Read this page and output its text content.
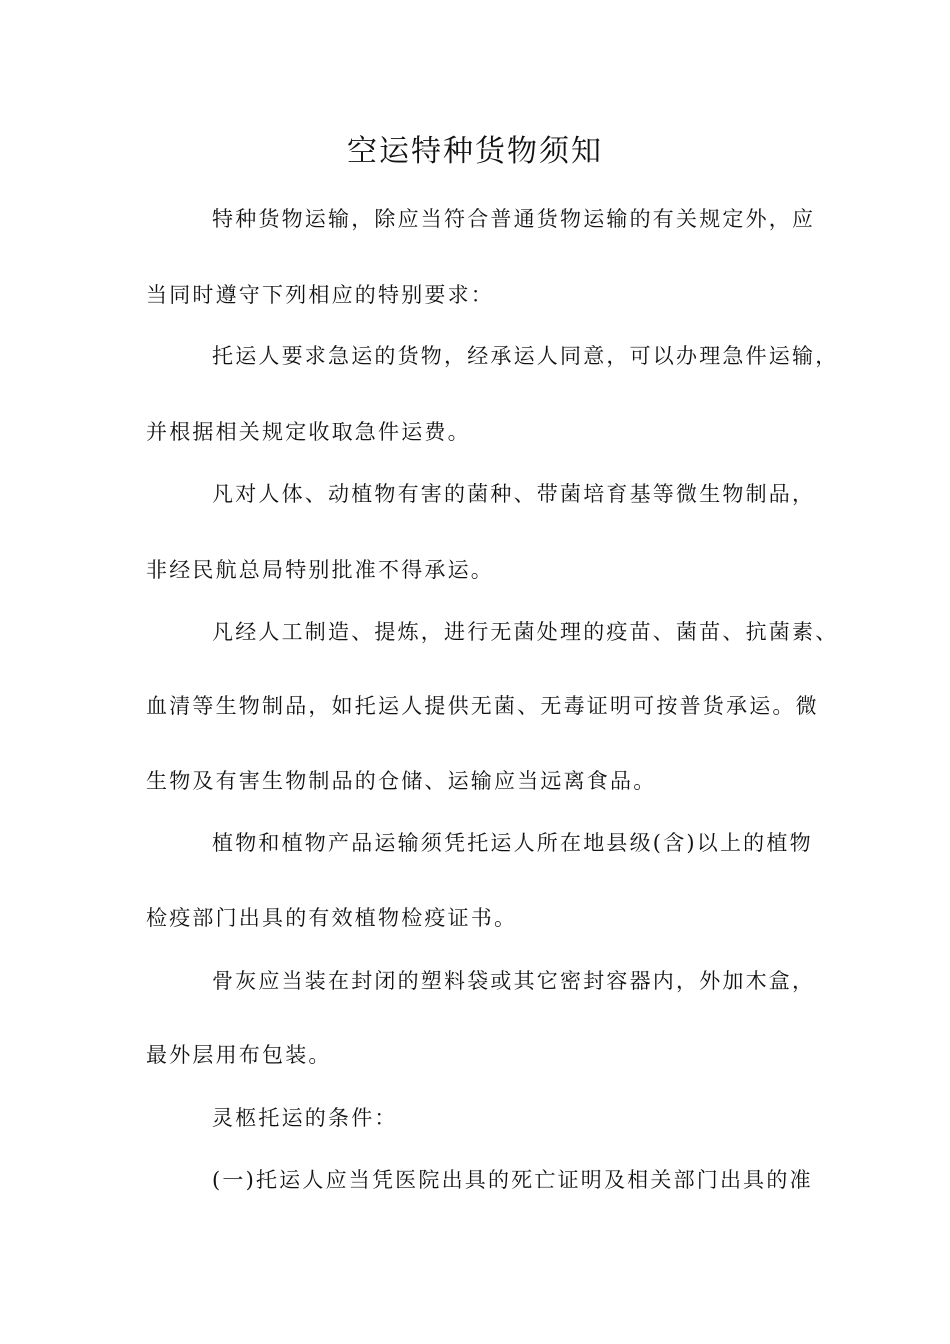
空运特种货物须知
特种货物运输，除应当符合普通货物运输的有关规定外，应
当同时遵守下列相应的特别要求：
托运人要求急运的货物，经承运人同意，可以办理急件运输，
并根据相关规定收取急件运费。
凡对人体、动植物有害的菌种、带菌培育基等微生物制品，
非经民航总局特别批准不得承运。
凡经人工制造、提炼，进行无菌处理的疫苗、菌苗、抗菌素、
血清等生物制品，如托运人提供无菌、无毒证明可按普货承运。微
生物及有害生物制品的仓储、运输应当远离食品。
植物和植物产品运输须凭托运人所在地县级(含)以上的植物
检疫部门出具的有效植物检疫证书。
骨灰应当装在封闭的塑料袋或其它密封容器内，外加木盒，
最外层用布包装。
灵柩托运的条件：
(一)托运人应当凭医院出具的死亡证明及相关部门出具的准
